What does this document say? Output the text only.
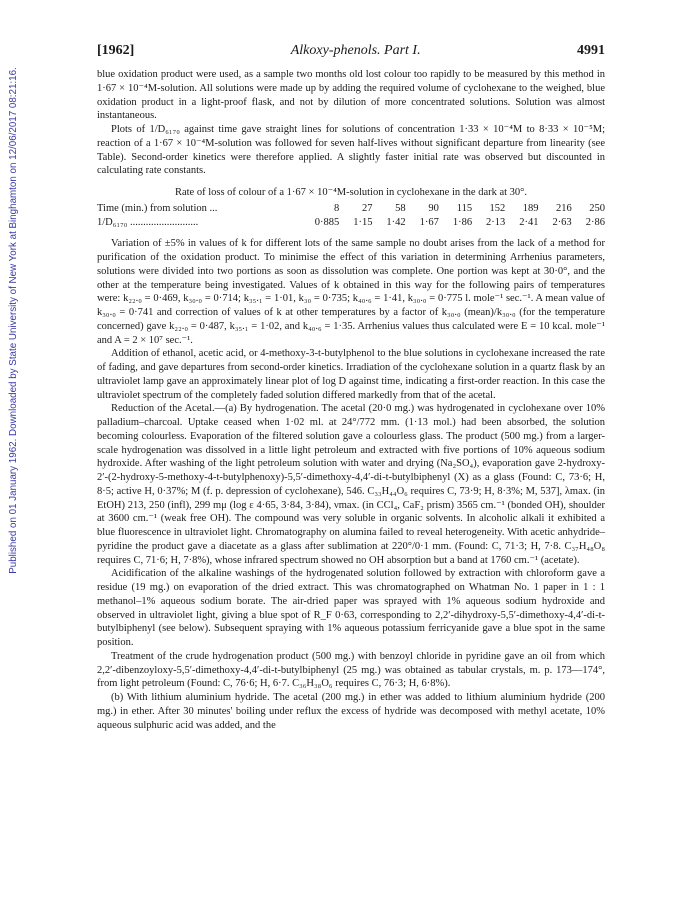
Published on 01 January 1962. Downloaded by State University of New York at Binghamton on 12/06/2017 08:21:16.
[1962]	Alkoxy-phenols. Part I.	4991

blue oxidation product were used, as a sample two months old lost colour too rapidly to be measured by this method in 1·67 × 10⁻⁴M-solution. All solutions were made up by adding the required volume of cyclohexane to the weighed, blue oxidation product in a light-proof flask, and not by dilution of more concentrated solutions. Solution was almost instantaneous.

Plots of 1/D₆₁₇₀ against time gave straight lines for solutions of concentration 1·33 × 10⁻⁴M to 8·33 × 10⁻⁵M; reaction of a 1·67 × 10⁻⁴M-solution was followed for seven half-lives without significant departure from linearity (see Table). Second-order kinetics were therefore applied. A slightly faster initial rate was observed but discounted in calculating rate constants.

Rate of loss of colour of a 1·67 × 10⁻⁴M-solution in cyclohexane in the dark at 30°.

Time (min.) from solution ...	8	27	58	90	115	152	189	216	250
1/D₆₁₇₀ ..........................	0·885	1·15	1·42	1·67	1·86	2·13	2·41	2·63	2·86

Variation of ±5% in values of k for different lots of the same sample no doubt arises from the lack of a method for purification of the oxidation product. To minimise the effect of this variation in determining Arrhenius parameters, solutions were divided into two portions as soon as dissolution was complete. One portion was kept at 30·0°, and the other at the temperature being investigated. Values of k obtained in this way for the following pairs of temperatures were: k₂₂.₀ = 0·469, k₃₀.₀ = 0·714; k₃₅.₁ = 1·01, k₃₀ = 0·735; k₄₀.₆ = 1·41, k₃₀.₀ = 0·775 l. mole⁻¹ sec.⁻¹. A mean value of k₃₀.₀ = 0·741 and correction of values of k at other temperatures by a factor of k₃₀.₀ (mean)/k₃₀.₀ (for the temperature concerned) gave k₂₂.₀ = 0·487, k₃₅.₁ = 1·02, and k₄₀.₆ = 1·35. Arrhenius values thus calculated were E = 10 kcal. mole⁻¹ and A = 2 × 10⁷ sec.⁻¹.

Addition of ethanol, acetic acid, or 4-methoxy-3-t-butylphenol to the blue solutions in cyclohexane increased the rate of fading, and gave departures from second-order kinetics. Irradiation of the cyclohexane solution in a quartz flask by an ultraviolet lamp gave an approximately linear plot of log D against time, indicating a first-order reaction. In this case the ultraviolet spectrum of the completely faded solution differed markedly from that of the acetal.

Reduction of the Acetal.—(a) By hydrogenation. The acetal (20·0 mg.) was hydrogenated in cyclohexane over 10% palladium–charcoal. Uptake ceased when 1·02 ml. at 24°/772 mm. (1·13 mol.) had been absorbed, the solution becoming colourless. Evaporation of the filtered solution gave a colourless glass. The product (500 mg.) from a larger-scale hydrogenation was dissolved in a little light petroleum and extracted with five portions of 10% aqueous sodium hydroxide. After washing of the light petroleum solution with water and drying (Na₂SO₄), evaporation gave 2-hydroxy-2′-(2-hydroxy-5-methoxy-4-t-butylphenoxy)-5,5′-dimethoxy-4,4′-di-t-butylbiphenyl (X) as a glass (Found: C, 73·6; H, 8·5; active H, 0·37%; M (f. p. depression of cyclohexane), 546. C₃₃H₄₄O₆ requires C, 73·9; H, 8·3%; M, 537], λmax. (in EtOH) 213, 250 (infl), 299 mμ (log ε 4·65, 3·84, 3·84), νmax. (in CCl₄, CaF₂ prism) 3565 cm.⁻¹ (bonded OH), shoulder at 3600 cm.⁻¹ (weak free OH). The compound was very soluble in organic solvents. In alcoholic alkali it exhibited a blue fluorescence in ultraviolet light. Chromatography on alumina failed to reveal heterogeneity. With acetic anhydride–pyridine the product gave a diacetate as a glass after sublimation at 220°/0·1 mm. (Found: C, 71·3; H, 7·8. C₃₇H₄₈O₈ requires C, 71·6; H, 7·8%), whose infrared spectrum showed no OH absorption but a band at 1760 cm.⁻¹ (acetate).

Acidification of the alkaline washings of the hydrogenated solution followed by extraction with chloroform gave a residue (19 mg.) on evaporation of the dried extract. This was chromatographed on Whatman No. 1 paper in 1 : 1 methanol–1% aqueous sodium borate. The air-dried paper was sprayed with 1% aqueous sodium hydroxide and observed in ultraviolet light, giving a blue spot of R_F 0·63, corresponding to 2,2′-dihydroxy-5,5′-dimethoxy-4,4′-di-t-butylbiphenyl (see below). Subsequent spraying with 1% aqueous potassium ferricyanide gave a blue spot in the same position.

Treatment of the crude hydrogenation product (500 mg.) with benzoyl chloride in pyridine gave an oil from which 2,2′-dibenzoyloxy-5,5′-dimethoxy-4,4′-di-t-butylbiphenyl (25 mg.) was obtained as tabular crystals, m. p. 173—174°, from light petroleum (Found: C, 76·6; H, 6·7. C₃₆H₃₈O₆ requires C, 76·3; H, 6·8%).

(b) With lithium aluminium hydride. The acetal (200 mg.) in ether was added to lithium aluminium hydride (200 mg.) in ether. After 30 minutes' boiling under reflux the excess of hydride was decomposed with methyl acetate, 10% aqueous sulphuric acid was added, and the
